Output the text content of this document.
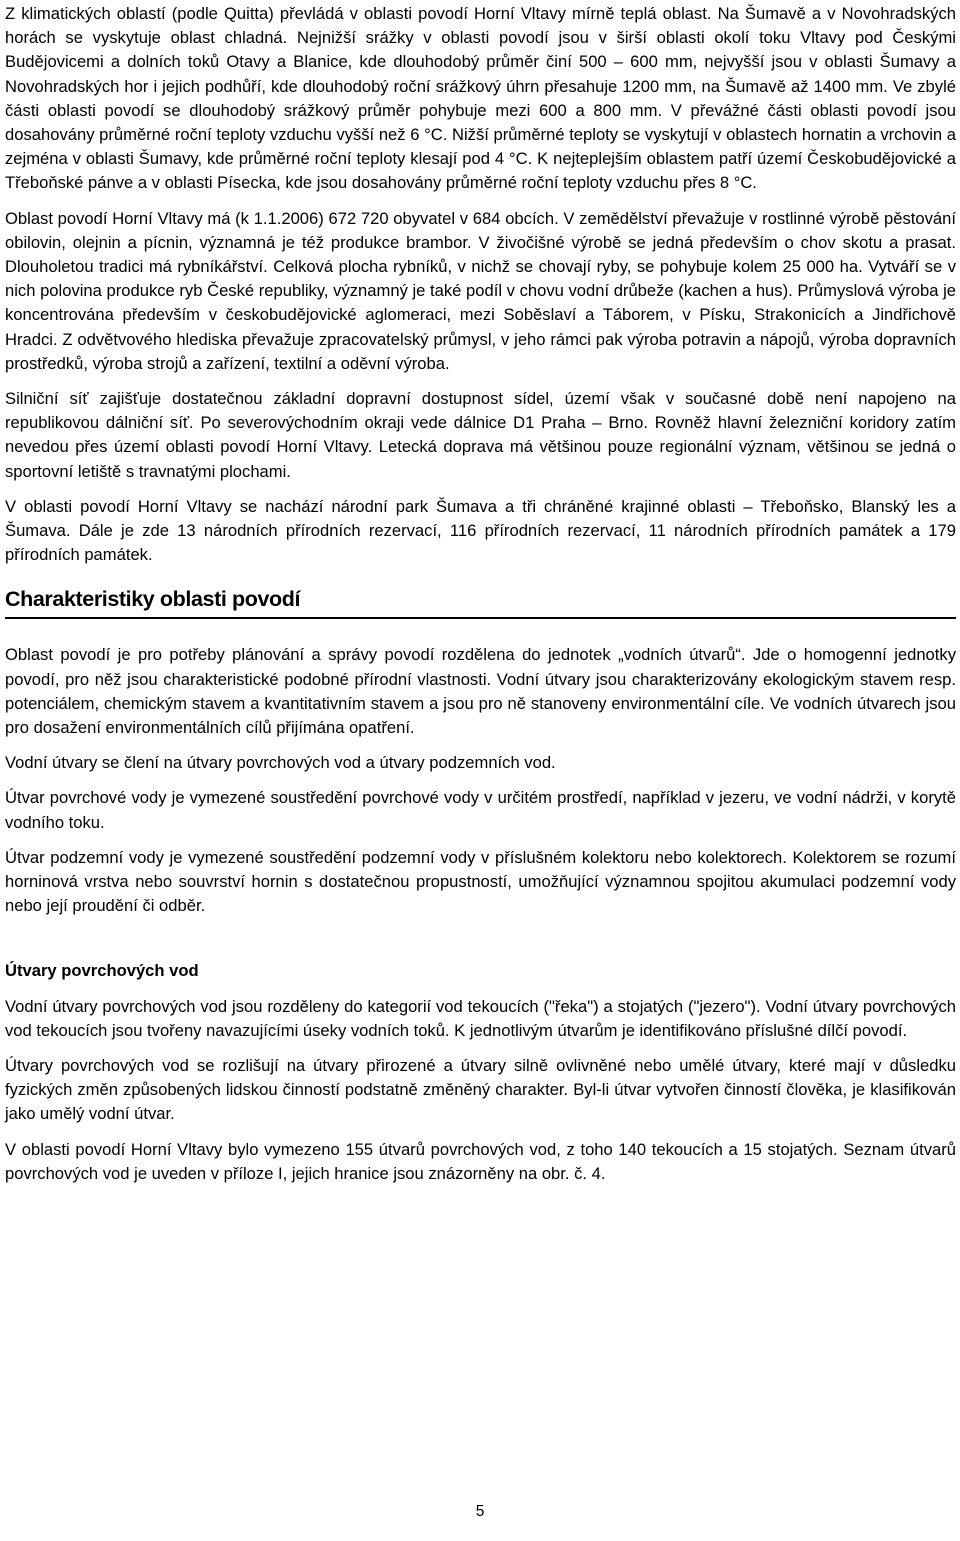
Z klimatických oblastí (podle Quitta) převládá v oblasti povodí Horní Vltavy mírně teplá oblast. Na Šumavě a v Novohradských horách se vyskytuje oblast chladná. Nejnižší srážky v oblasti povodí jsou v širší oblasti okolí toku Vltavy pod Českými Budějovicemi a dolních toků Otavy a Blanice, kde dlouhodobý průměr činí 500 – 600 mm, nejvyšší jsou v oblasti Šumavy a Novohradských hor i jejich podhůří, kde dlouhodobý roční srážkový úhrn přesahuje 1200 mm, na Šumavě až 1400 mm. Ve zbylé části oblasti povodí se dlouhodobý srážkový průměr pohybuje mezi 600 a 800 mm. V převážné části oblasti povodí jsou dosahovány průměrné roční teploty vzduchu vyšší než 6 °C. Nižší průměrné teploty se vyskytují v oblastech hornatin a vrchovin a zejména v oblasti Šumavy, kde průměrné roční teploty klesají pod 4 °C. K nejteplejším oblastem patří území Českobudějovické a Třeboňské pánve a v oblasti Písecka, kde jsou dosahovány průměrné roční teploty vzduchu přes 8 °C.

Oblast povodí Horní Vltavy má (k 1.1.2006) 672 720 obyvatel v 684 obcích. V zemědělství převažuje v rostlinné výrobě pěstování obilovin, olejnin a pícnin, významná je též produkce brambor. V živočišné výrobě se jedná především o chov skotu a prasat. Dlouholetou tradici má rybníkářství. Celková plocha rybníků, v nichž se chovají ryby, se pohybuje kolem 25 000 ha. Vytváří se v nich polovina produkce ryb České republiky, významný je také podíl v chovu vodní drůbeže (kachen a hus). Průmyslová výroba je koncentrována především v českobudějovické aglomeraci, mezi Soběslaví a Táborem, v Písku, Strakonicích a Jindřichově Hradci. Z odvětvového hlediska převažuje zpracovatelský průmysl, v jeho rámci pak výroba potravin a nápojů, výroba dopravních prostředků, výroba strojů a zařízení, textilní a oděvní výroba.

Silniční síť zajišťuje dostatečnou základní dopravní dostupnost sídel, území však v současné době není napojeno na republikovou dálniční síť. Po severovýchodním okraji vede dálnice D1 Praha – Brno. Rovněž hlavní železniční koridory zatím nevedou přes území oblasti povodí Horní Vltavy. Letecká doprava má většinou pouze regionální význam, většinou se jedná o sportovní letiště s travnatými plochami.

V oblasti povodí Horní Vltavy se nachází národní park Šumava a tři chráněné krajinné oblasti – Třeboňsko, Blanský les a Šumava. Dále je zde 13 národních přírodních rezervací, 116 přírodních rezervací, 11 národních přírodních památek a 179 přírodních památek.

Charakteristiky oblasti povodí

Oblast povodí je pro potřeby plánování a správy povodí rozdělena do jednotek „vodních útvarů“. Jde o homogenní jednotky povodí, pro něž jsou charakteristické podobné přírodní vlastnosti. Vodní útvary jsou charakterizovány ekologickým stavem resp. potenciálem, chemickým stavem a kvantitativním stavem a jsou pro ně stanoveny environmentální cíle. Ve vodních útvarech jsou pro dosažení environmentálních cílů přijímána opatření.

Vodní útvary se člení na útvary povrchových vod a útvary podzemních vod.

Útvar povrchové vody je vymezené soustředění povrchové vody v určitém prostředí, například v jezeru, ve vodní nádrži, v korytě vodního toku.

Útvar podzemní vody je vymezené soustředění podzemní vody v příslušném kolektoru nebo kolektorech. Kolektorem se rozumí horninová vrstva nebo souvrství hornin s dostatečnou propustností, umožňující významnou spojitou akumulaci podzemní vody nebo její proudění či odběr.

Útvary povrchových vod

Vodní útvary povrchových vod jsou rozděleny do kategorií vod tekoucích ("řeka") a stojatých ("jezero"). Vodní útvary povrchových vod tekoucích jsou tvořeny navazujícími úseky vodních toků. K jednotlivým útvarům je identifikováno příslušné dílčí povodí.

Útvary povrchových vod se rozlišují na útvary přirozené a útvary silně ovlivněné nebo umělé útvary, které mají v důsledku fyzických změn způsobených lidskou činností podstatně změněný charakter. Byl-li útvar vytvořen činností člověka, je klasifikován jako umělý vodní útvar.

V oblasti povodí Horní Vltavy bylo vymezeno 155 útvarů povrchových vod, z toho 140 tekoucích a 15 stojatých. Seznam útvarů povrchových vod je uveden v příloze I, jejich hranice jsou znázorněny na obr. č. 4.

5
